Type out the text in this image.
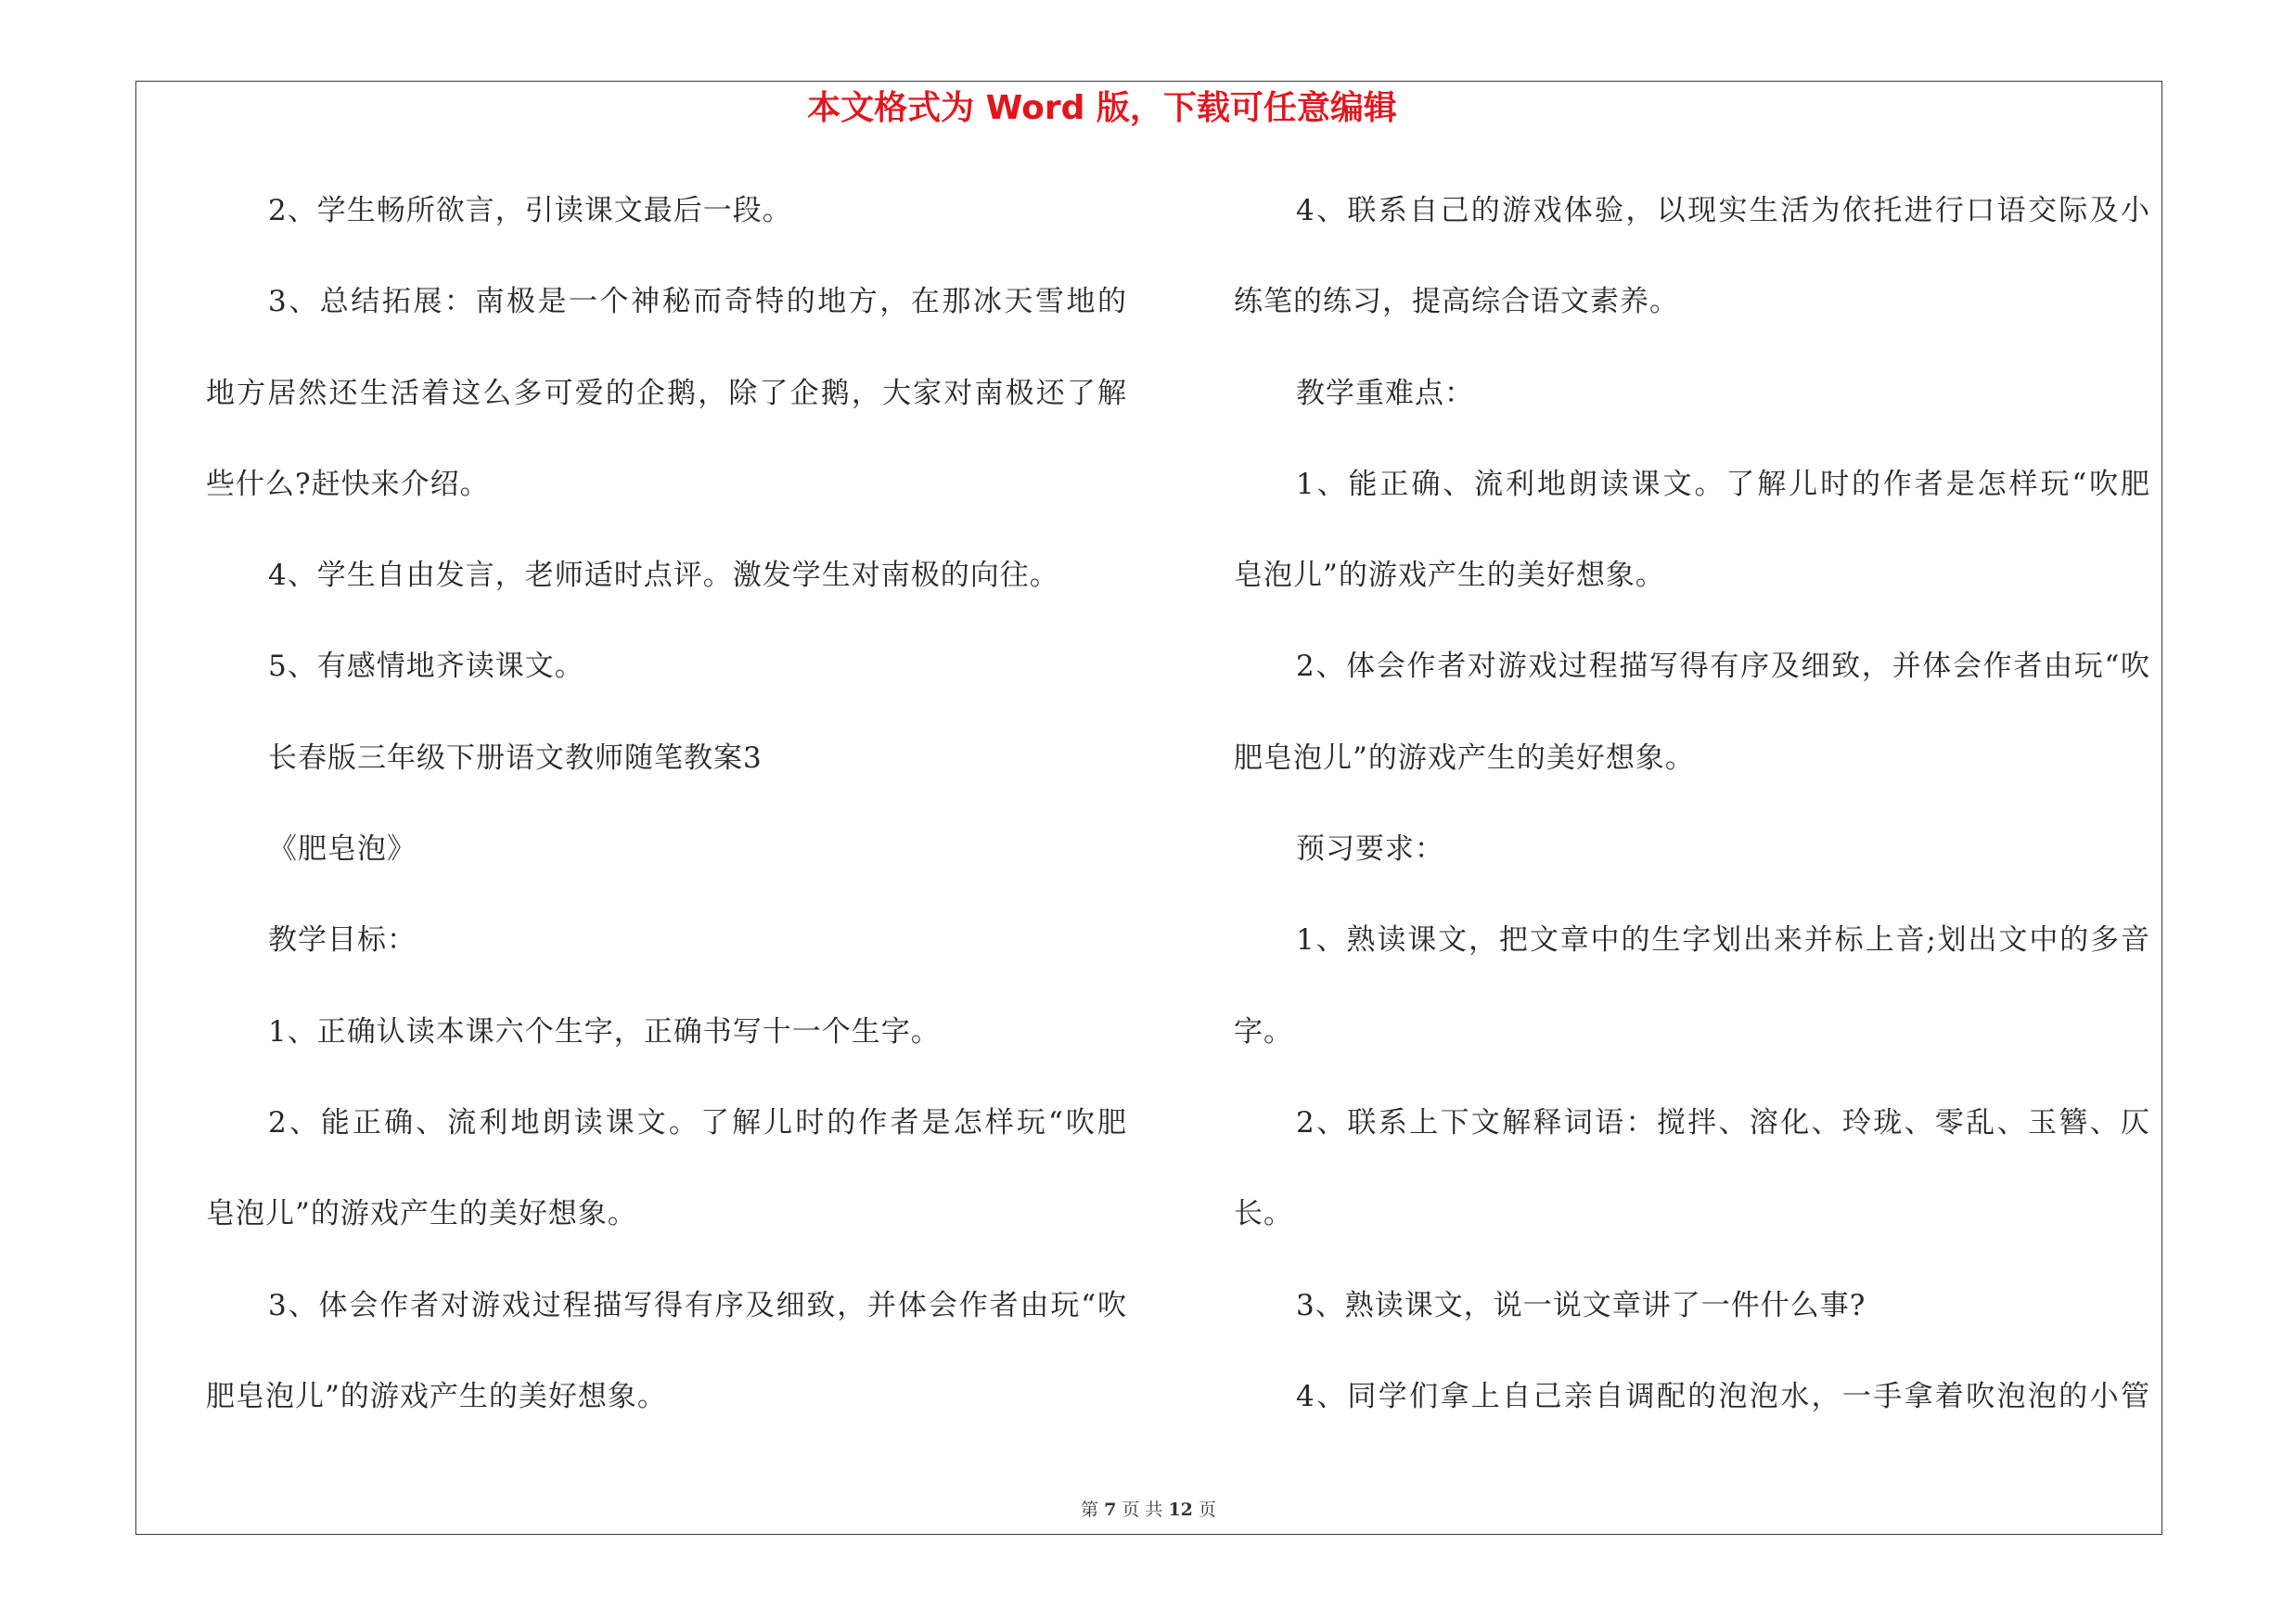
本文格式为 Word 版，下载可任意编辑
2、学生畅所欲言，引读课文最后一段。
3、总结拓展：南极是一个神秘而奇特的地方，在那冰天雪地的
地方居然还生活着这么多可爱的企鹅，除了企鹅，大家对南极还了解
些什么?赶快来介绍。
4、学生自由发言，老师适时点评。激发学生对南极的向往。
5、有感情地齐读课文。
长春版三年级下册语文教师随笔教案3
《肥皂泡》
教学目标：
1、正确认读本课六个生字，正确书写十一个生字。
2、能正确、流利地朗读课文。了解儿时的作者是怎样玩“吹肥
皂泡儿”的游戏产生的美好想象。
3、体会作者对游戏过程描写得有序及细致，并体会作者由玩“吹
肥皂泡儿”的游戏产生的美好想象。
4、联系自己的游戏体验，以现实生活为依托进行口语交际及小
练笔的练习，提高综合语文素养。
教学重难点：
1、能正确、流利地朗读课文。了解儿时的作者是怎样玩“吹肥
皂泡儿”的游戏产生的美好想象。
2、体会作者对游戏过程描写得有序及细致，并体会作者由玩“吹
肥皂泡儿”的游戏产生的美好想象。
预习要求：
1、熟读课文，把文章中的生字划出来并标上音;划出文中的多音
字。
2、联系上下文解释词语：搅拌、溶化、玲珑、零乱、玉簪、仄
长。
3、熟读课文，说一说文章讲了一件什么事?
4、同学们拿上自己亲自调配的泡泡水，一手拿着吹泡泡的小管
第 7 页 共 12 页
